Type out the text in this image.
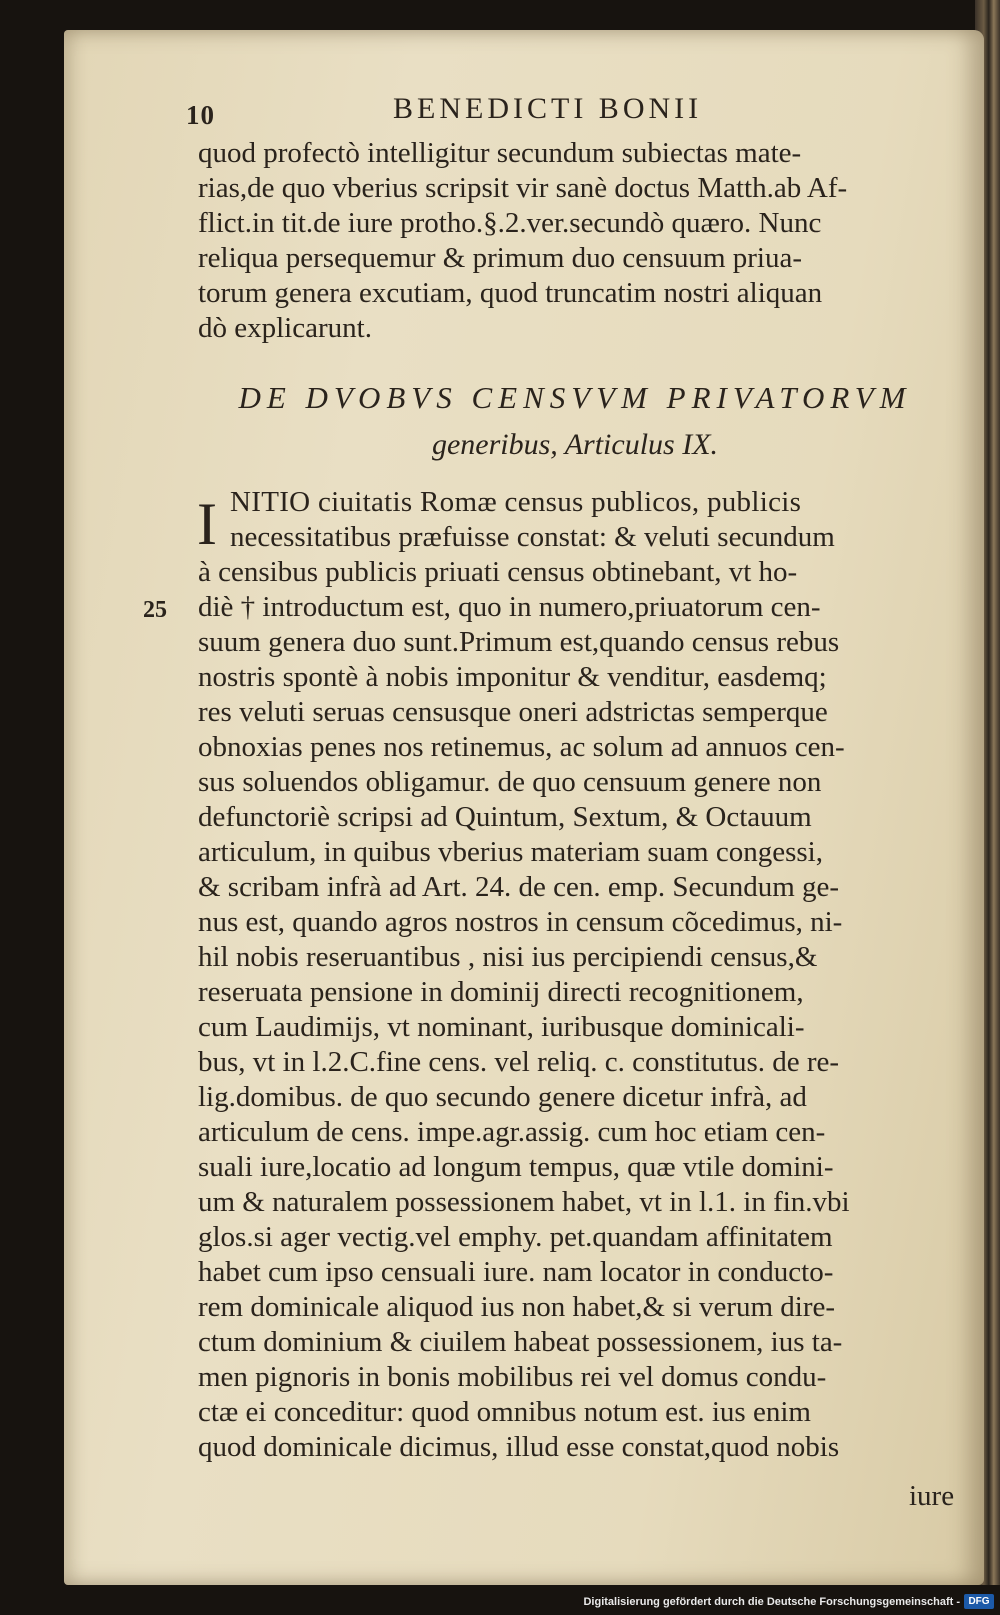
10	BENEDICTI BONII
quod profectò intelligitur secundum subiectas mate-
rias,de quo vberius scripsit vir sanè doctus Matth.ab Af-
flict.in tit.de iure protho.§.2.ver.secundò quæro. Nunc
reliqua persequemur & primum duo censuum priua-
torum genera excutiam, quod truncatim nostri aliquan
dò explicarunt.
DE DVOBVS CENSVVM PRIVATORVM
generibus, Articulus IX.
I
25
NITIO ciuitatis Romæ census publicos, publicis
necessitatibus præfuisse constat: & veluti secundum
à censibus publicis priuati census obtinebant, vt ho-
diè † introductum est, quo in numero,priuatorum cen-
suum genera duo sunt.Primum est,quando census rebus
nostris spontè à nobis imponitur & venditur, easdemq;
res veluti seruas censusque oneri adstrictas semperque
obnoxias penes nos retinemus, ac solum ad annuos cen-
sus soluendos obligamur. de quo censuum genere non
defunctoriè scripsi ad Quintum, Sextum, & Octauum
articulum, in quibus vberius materiam suam congessi,
& scribam infrà ad Art. 24. de cen. emp. Secundum ge-
nus est, quando agros nostros in censum cõcedimus, ni-
hil nobis reseruantibus , nisi ius percipiendi census,&
reseruata pensione in dominij directi recognitionem,
cum Laudimijs, vt nominant, iuribusque dominicali-
bus, vt in l.2.C.fine cens. vel reliq. c. constitutus. de re-
lig.domibus. de quo secundo genere dicetur infrà, ad
articulum de cens. impe.agr.assig. cum hoc etiam cen-
suali iure,locatio ad longum tempus, quæ vtile domini-
um & naturalem possessionem habet, vt in l.1. in fin.vbi
glos.si ager vectig.vel emphy. pet.quandam affinitatem
habet cum ipso censuali iure. nam locator in conducto-
rem dominicale aliquod ius non habet,& si verum dire-
ctum dominium & ciuilem habeat possessionem, ius ta-
men pignoris in bonis mobilibus rei vel domus condu-
ctæ ei conceditur: quod omnibus notum est. ius enim
quod dominicale dicimus, illud esse constat,quod nobis
iure
Digitalisierung gefördert durch die Deutsche Forschungsgemeinschaft - DFG
